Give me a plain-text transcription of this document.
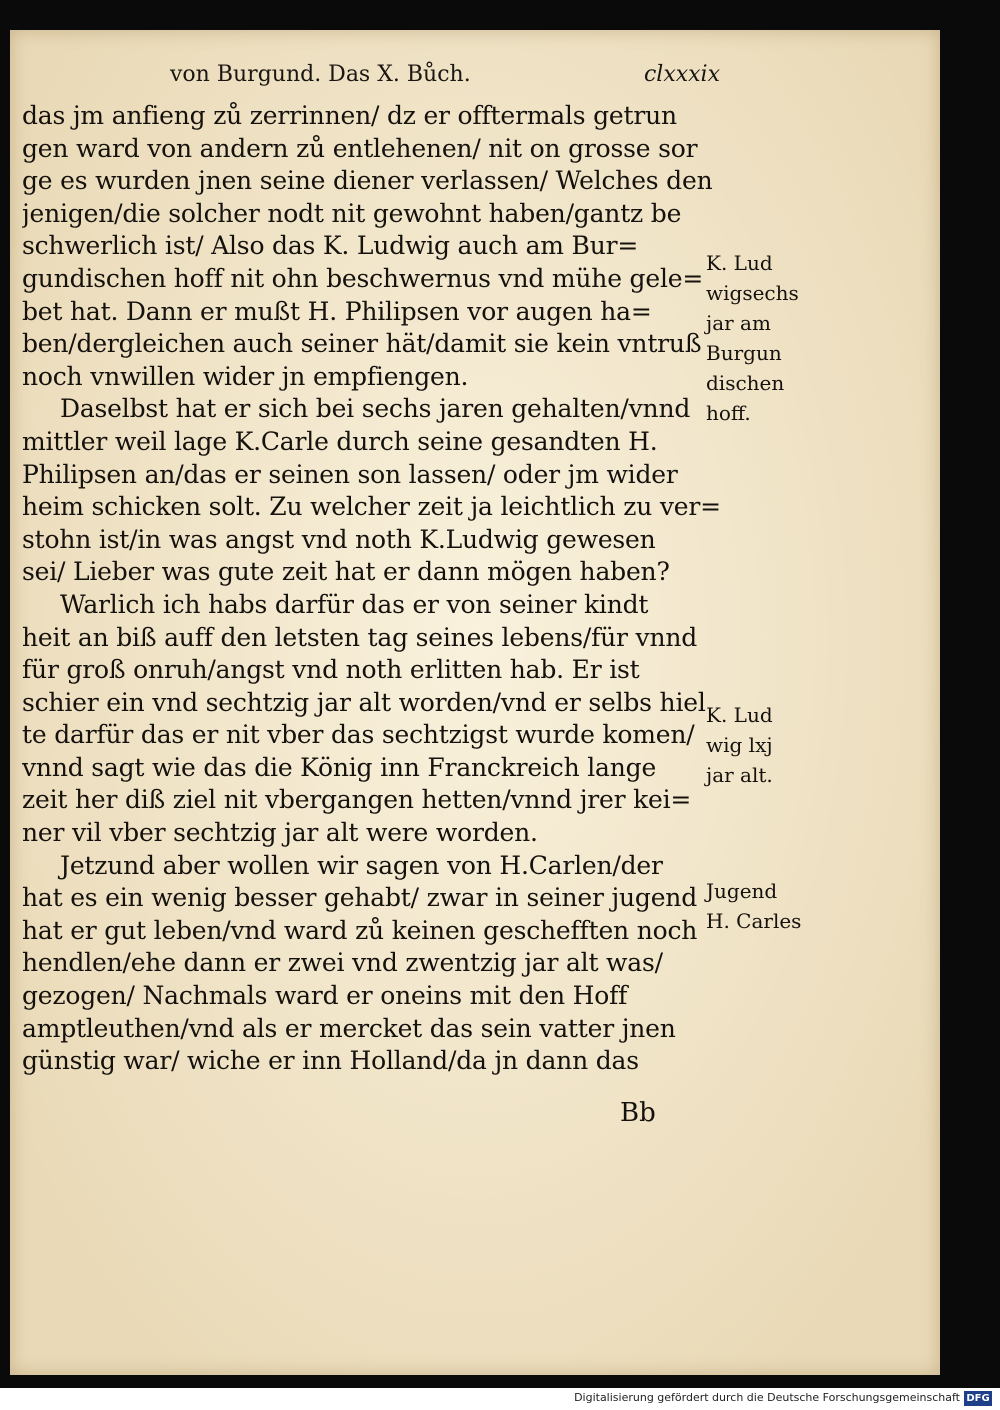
von Burgund. Das X. Bůch.	clxxxix
das jm anfieng zů zerrinnen/ dz er offtermals getrun
gen ward von andern zů entlehenen/ nit on grosse sor
ge es wurden jnen seine diener verlassen/ Welches den
jenigen/die solcher nodt nit gewohnt haben/gantz be
schwerlich ist/ Also das K. Ludwig auch am Bur=
gundischen hoff nit ohn beschwernus vnd mühe gele=
bet hat. Dann er mußt H. Philipsen vor augen ha=
ben/dergleichen auch seiner hät/damit sie kein vntruß
noch vnwillen wider jn empfiengen.
Daselbst hat er sich bei sechs jaren gehalten/vnnd
mittler weil lage K.Carle durch seine gesandten H.
Philipsen an/das er seinen son lassen/ oder jm wider
heim schicken solt. Zu welcher zeit ja leichtlich zu ver=
stohn ist/in was angst vnd noth K.Ludwig gewesen
sei/ Lieber was gute zeit hat er dann mögen haben?
Warlich ich habs darfür das er von seiner kindt
heit an biß auff den letsten tag seines lebens/für vnnd
für groß onruh/angst vnd noth erlitten hab. Er ist
schier ein vnd sechtzig jar alt worden/vnd er selbs hiel
te darfür das er nit vber das sechtzigst wurde komen/
vnnd sagt wie das die König inn Franckreich lange
zeit her diß ziel nit vbergangen hetten/vnnd jrer kei=
ner vil vber sechtzig jar alt were worden.
Jetzund aber wollen wir sagen von H.Carlen/der
hat es ein wenig besser gehabt/ zwar in seiner jugend
hat er gut leben/vnd ward zů keinen geschefften noch
hendlen/ehe dann er zwei vnd zwentzig jar alt was/
gezogen/ Nachmals ward er oneins mit den Hoff
amptleuthen/vnd als er mercket das sein vatter jnen
günstig war/ wiche er inn Holland/da jn dann das
K. Lud
wigsechs
jar am
Burgun
dischen
hoff.
K. Lud
wig lxj
jar alt.
Jugend
H. Carles
Bb
Digitalisierung gefördert durch die Deutsche Forschungsgemeinschaft DFG
